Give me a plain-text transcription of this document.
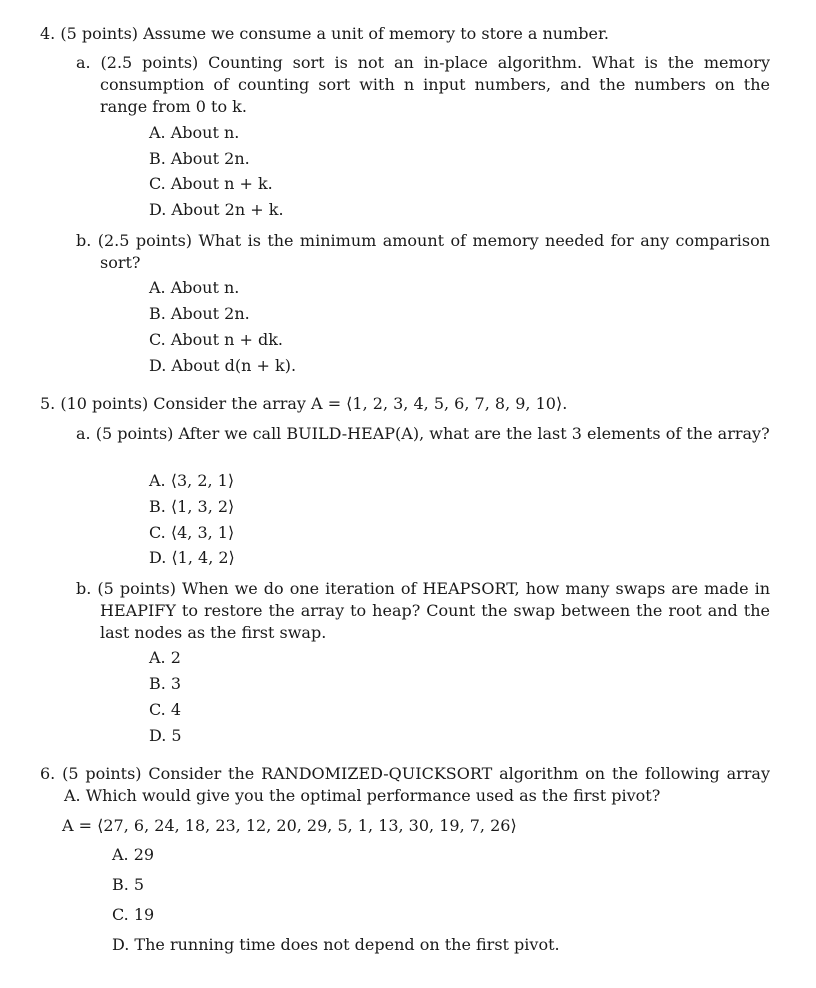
4. (5 points) Assume we consume a unit of memory to store a number.
a. (2.5 points) Counting sort is not an in-place algorithm. What is the memory consumption of counting sort with n input numbers, and the numbers on the range from 0 to k.
A. About n.
B. About 2n.
C. About n + k.
D. About 2n + k.
b. (2.5 points) What is the minimum amount of memory needed for any comparison sort?
A. About n.
B. About 2n.
C. About n + dk.
D. About d(n + k).
5. (10 points) Consider the array A = ⟨1, 2, 3, 4, 5, 6, 7, 8, 9, 10⟩.
a. (5 points) After we call BUILD-HEAP(A), what are the last 3 elements of the array?
A. ⟨3, 2, 1⟩
B. ⟨1, 3, 2⟩
C. ⟨4, 3, 1⟩
D. ⟨1, 4, 2⟩
b. (5 points) When we do one iteration of HEAPSORT, how many swaps are made in HEAPIFY to restore the array to heap? Count the swap between the root and the last nodes as the first swap.
A. 2
B. 3
C. 4
D. 5
6. (5 points) Consider the RANDOMIZED-QUICKSORT algorithm on the following array A. Which would give you the optimal performance used as the first pivot?
A = ⟨27, 6, 24, 18, 23, 12, 20, 29, 5, 1, 13, 30, 19, 7, 26⟩
A. 29
B. 5
C. 19
D. The running time does not depend on the first pivot.
